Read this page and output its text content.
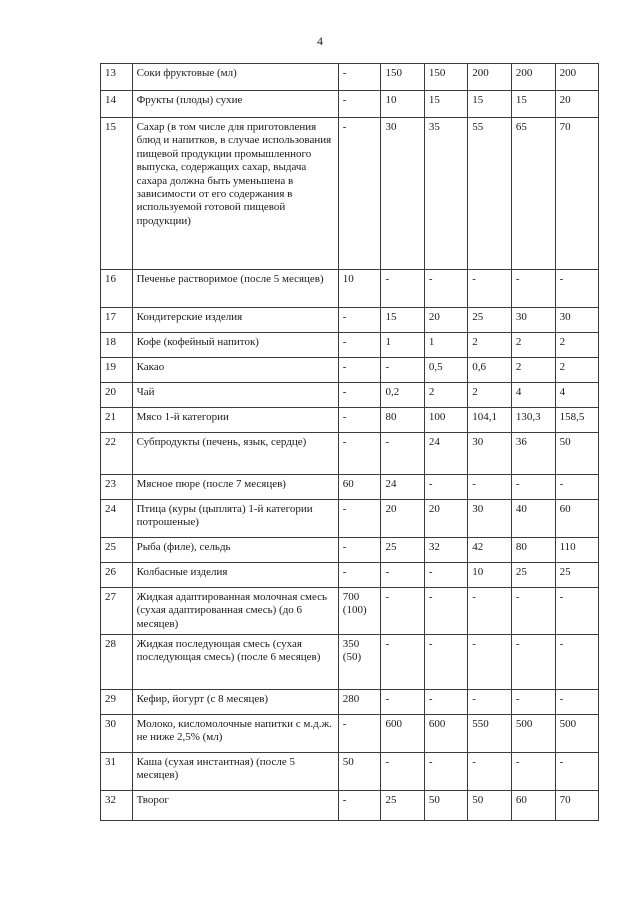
4
13	Соки фруктовые (мл)	-	150	150	200	200	200
14	Фрукты (плоды) сухие	-	10	15	15	15	20
15	Сахар (в том числе для приготовления блюд и напитков, в случае использования пищевой продукции промышленного выпуска, содержащих сахар, выдача сахара должна быть уменьшена в зависимости от его содержания в используемой готовой пищевой продукции)	-	30	35	55	65	70
16	Печенье растворимое (после 5 месяцев)	10	-	-	-	-	-
17	Кондитерские изделия	-	15	20	25	30	30
18	Кофе (кофейный напиток)	-	1	1	2	2	2
19	Какао	-	-	0,5	0,6	2	2
20	Чай	-	0,2	2	2	4	4
21	Мясо 1-й категории	-	80	100	104,1	130,3	158,5
22	Субпродукты (печень, язык, сердце)	-	-	24	30	36	50
23	Мясное пюре (после 7 месяцев)	60	24	-	-	-	-
24	Птица (куры (цыплята) 1-й категории потрошеные)	-	20	20	30	40	60
25	Рыба (филе), сельдь	-	25	32	42	80	110
26	Колбасные изделия	-	-	-	10	25	25
27	Жидкая адаптированная молочная смесь (сухая адаптированная смесь) (до 6 месяцев)	700 (100)	-	-	-	-	-
28	Жидкая последующая смесь (сухая последующая смесь) (после 6 месяцев)	350 (50)	-	-	-	-	-
29	Кефир, йогурт (с 8 месяцев)	280	-	-	-	-	-
30	Молоко, кисломолочные напитки с м.д.ж. не ниже 2,5% (мл)	-	600	600	550	500	500
31	Каша (сухая инстантная) (после 5 месяцев)	50	-	-	-	-	-
32	Творог	-	25	50	50	60	70
